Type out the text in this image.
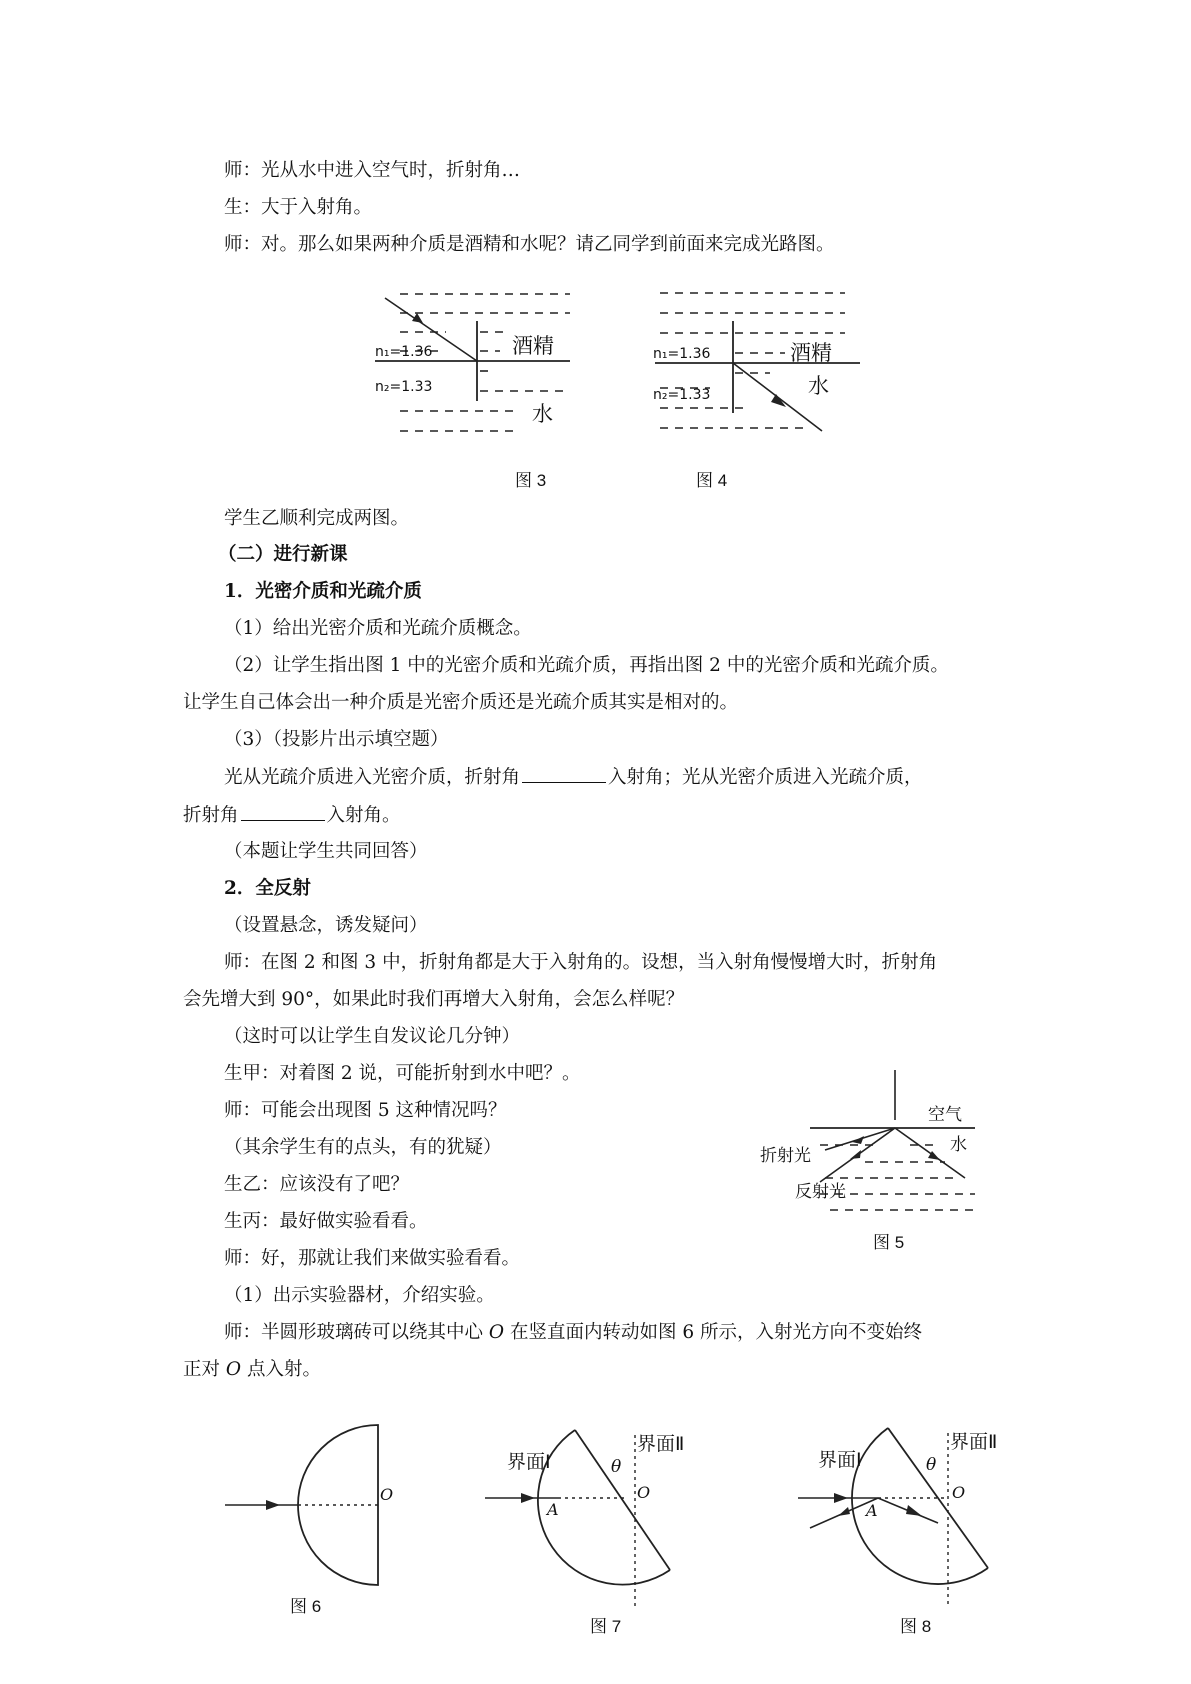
师：光从水中进入空气时，折射角…
生：大于入射角。
师：对。那么如果两种介质是酒精和水呢？请乙同学到前面来完成光路图。
n₁=1.36
n₂=1.33
酒精
水
n₁=1.36
n₂=1.33
酒精
水
图 3	图 4
学生乙顺利完成两图。
（二）进行新课
1．光密介质和光疏介质
（1）给出光密介质和光疏介质概念。
（2）让学生指出图 1 中的光密介质和光疏介质，再指出图 2 中的光密介质和光疏介质。
让学生自己体会出一种介质是光密介质还是光疏介质其实是相对的。
（3）（投影片出示填空题）
光从光疏介质进入光密介质，折射角	入射角；光从光密介质进入光疏介质，
折射角	入射角。
（本题让学生共同回答）
2．全反射
（设置悬念，诱发疑问）
师：在图 2 和图 3 中，折射角都是大于入射角的。设想，当入射角慢慢增大时，折射角
会先增大到 90°，如果此时我们再增大入射角，会怎么样呢？
（这时可以让学生自发议论几分钟）
生甲：对着图 2 说，可能折射到水中吧？。
师：可能会出现图 5 这种情况吗？
（其余学生有的点头，有的犹疑）
生乙：应该没有了吧？
生丙：最好做实验看看。
师：好，那就让我们来做实验看看。
（1）出示实验器材，介绍实验。
师：半圆形玻璃砖可以绕其中心 O 在竖直面内转动如图 6 所示，入射光方向不变始终
正对 O 点入射。
空气
水
折射光
反射光
图 5
O
图 6
界面Ⅰ
界面Ⅱ
θ
O
A
图 7
界面Ⅰ
界面Ⅱ
θ
O
A
图 8
